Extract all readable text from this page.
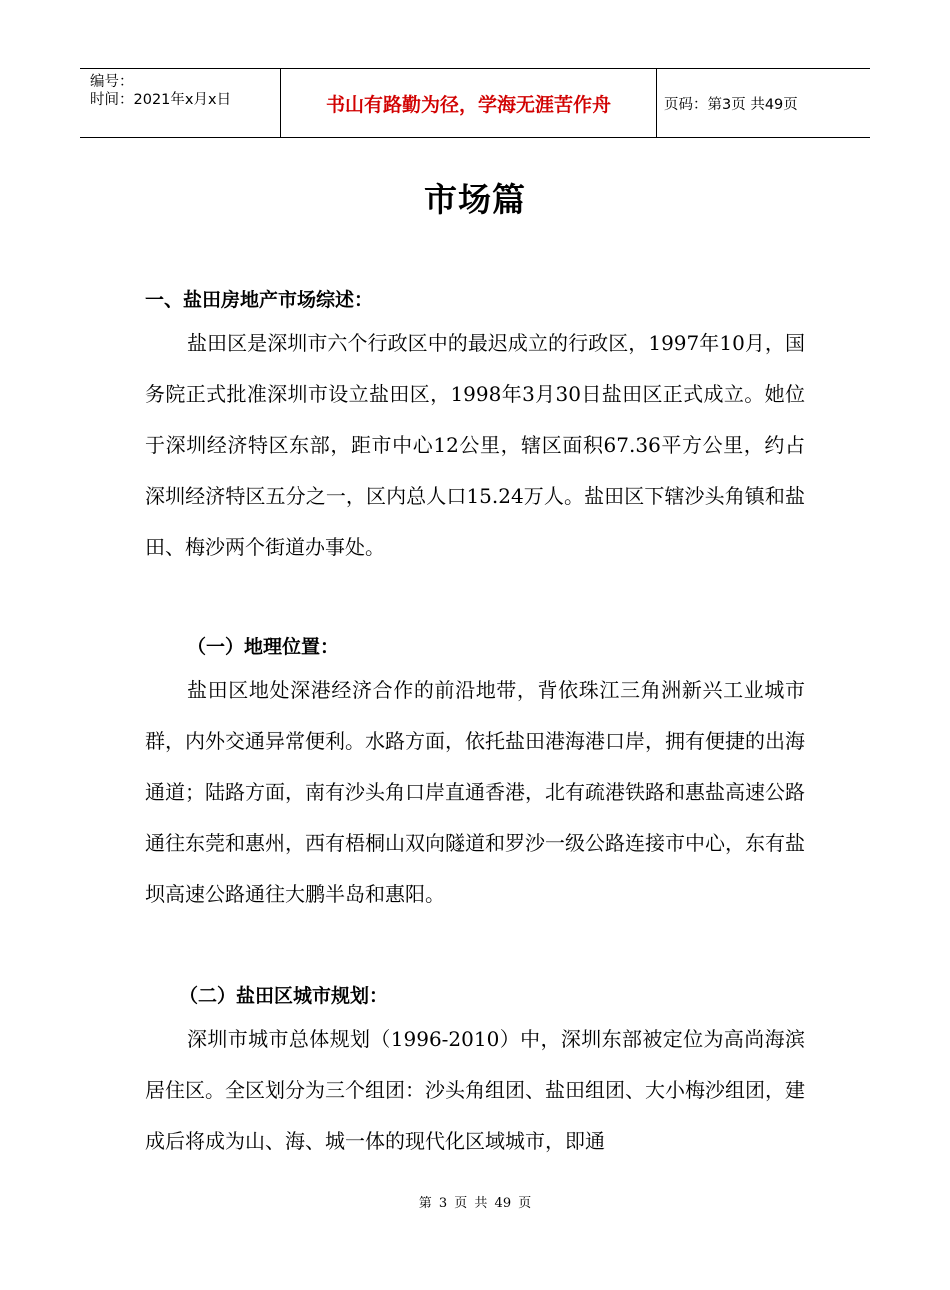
编号：
时间：2021年x月x日	书山有路勤为径，学海无涯苦作舟	页码：第3页 共49页
市场篇
一、盐田房地产市场综述：
盐田区是深圳市六个行政区中的最迟成立的行政区，1997年10月，国务院正式批准深圳市设立盐田区，1998年3月30日盐田区正式成立。她位于深圳经济特区东部，距市中心12公里，辖区面积67.36平方公里，约占深圳经济特区五分之一，区内总人口15.24万人。盐田区下辖沙头角镇和盐田、梅沙两个街道办事处。
（一）地理位置：
盐田区地处深港经济合作的前沿地带，背依珠江三角洲新兴工业城市群，内外交通异常便利。水路方面，依托盐田港海港口岸，拥有便捷的出海通道；陆路方面，南有沙头角口岸直通香港，北有疏港铁路和惠盐高速公路通往东莞和惠州，西有梧桐山双向隧道和罗沙一级公路连接市中心，东有盐坝高速公路通往大鹏半岛和惠阳。
（二）盐田区城市规划：
深圳市城市总体规划（1996-2010）中，深圳东部被定位为高尚海滨居住区。全区划分为三个组团：沙头角组团、盐田组团、大小梅沙组团，建成后将成为山、海、城一体的现代化区域城市，即通
第 3 页 共 49 页
